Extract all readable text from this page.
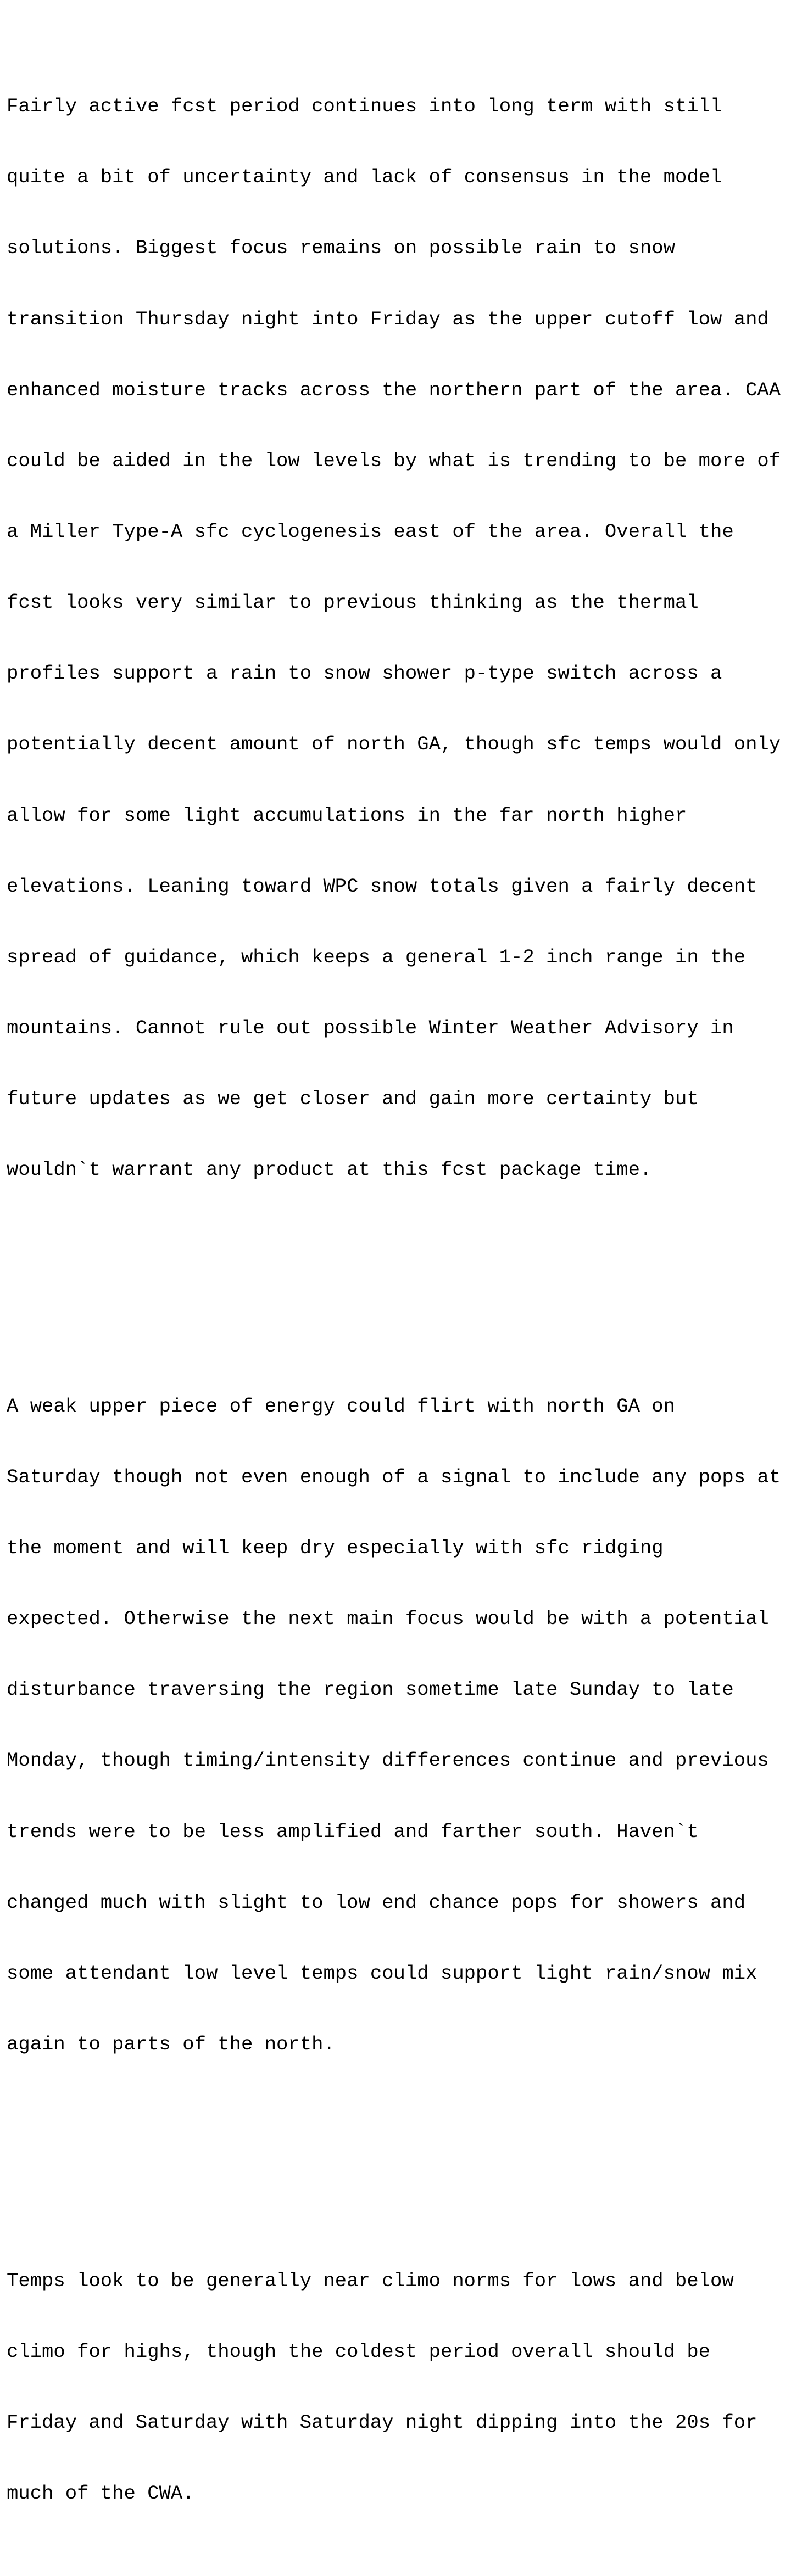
Fairly active fcst period continues into long term with still

quite a bit of uncertainty and lack of consensus in the model

solutions. Biggest focus remains on possible rain to snow

transition Thursday night into Friday as the upper cutoff low and

enhanced moisture tracks across the northern part of the area. CAA

could be aided in the low levels by what is trending to be more of

a Miller Type-A sfc cyclogenesis east of the area. Overall the

fcst looks very similar to previous thinking as the thermal

profiles support a rain to snow shower p-type switch across a

potentially decent amount of north GA, though sfc temps would only

allow for some light accumulations in the far north higher

elevations. Leaning toward WPC snow totals given a fairly decent

spread of guidance, which keeps a general 1-2 inch range in the

mountains. Cannot rule out possible Winter Weather Advisory in

future updates as we get closer and gain more certainty but

wouldn`t warrant any product at this fcst package time.

A weak upper piece of energy could flirt with north GA on

Saturday though not even enough of a signal to include any pops at

the moment and will keep dry especially with sfc ridging

expected. Otherwise the next main focus would be with a potential

disturbance traversing the region sometime late Sunday to late

Monday, though timing/intensity differences continue and previous

trends were to be less amplified and farther south. Haven`t

changed much with slight to low end chance pops for showers and

some attendant low level temps could support light rain/snow mix

again to parts of the north.

Temps look to be generally near climo norms for lows and below

climo for highs, though the coldest period overall should be

Friday and Saturday with Saturday night dipping into the 20s for

much of the CWA.
